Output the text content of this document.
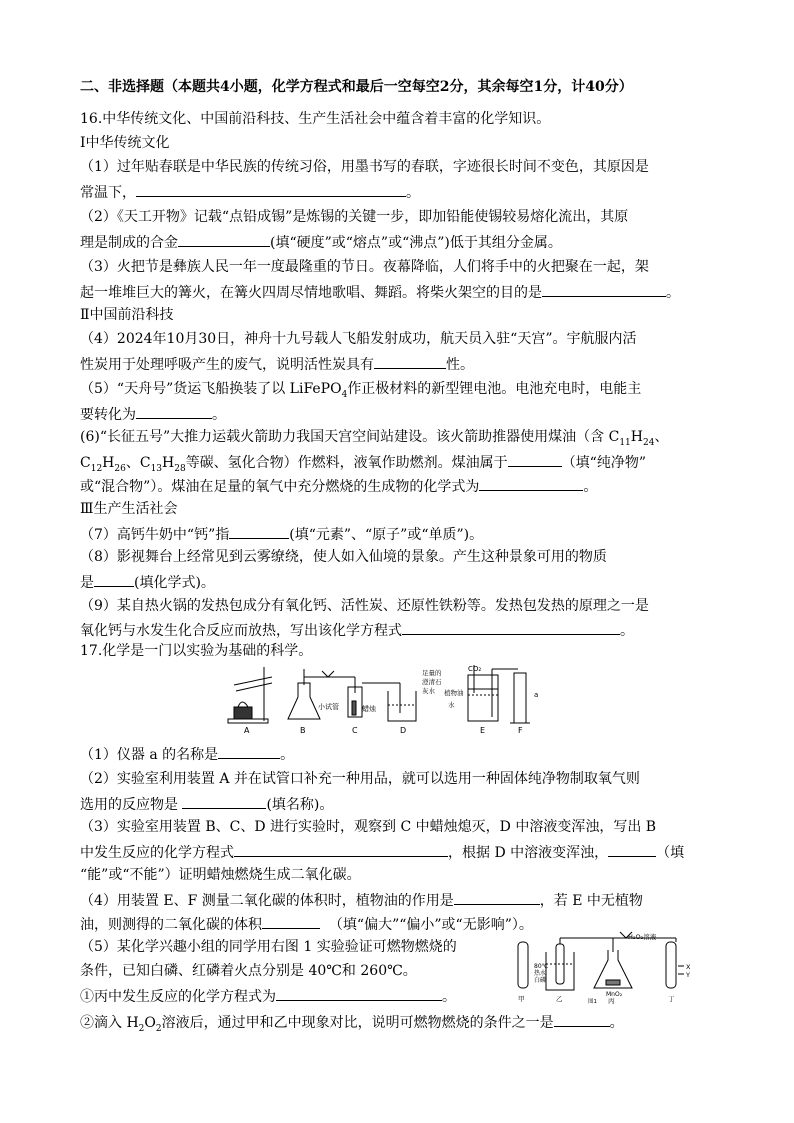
二、非选择题（本题共4小题，化学方程式和最后一空每空2分，其余每空1分，计40分）
16.中华传统文化、中国前沿科技、生产生活社会中蕴含着丰富的化学知识。
Ⅰ中华传统文化
（1）过年贴春联是中华民族的传统习俗，用墨书写的春联，字迹很长时间不变色，其原因是
常温下，	。
（2）《天工开物》记载“点铅成锡”是炼锡的关键一步，即加铅能使锡较易熔化流出，其原
理是制成的合金	(填“硬度”或“熔点”或“沸点”)低于其组分金属。
（3）火把节是彝族人民一年一度最隆重的节日。夜幕降临，人们将手中的火把聚在一起，架
起一堆堆巨大的篝火，在篝火四周尽情地歌唱、舞蹈。将柴火架空的目的是	。
Ⅱ中国前沿科技
（4）2024年10月30日，神舟十九号载人飞船发射成功，航天员入驻“天宫”。宇航服内活
性炭用于处理呼吸产生的废气，说明活性炭具有	性。
（5）“天舟号”货运飞船换装了以 LiFePO$_4$作正极材料的新型锂电池。电池充电时，电能主
要转化为	。
(6)“长征五号”大推力运载火箭助力我国天宫空间站建设。该火箭助推器使用煤油（含 $C_{11}H_{24}$、
$C_{12}H_{26}$、$C_{13}H_{28}$等碳、氢化合物）作燃料，液氧作助燃剂。煤油属于	（填“纯净物”
或“混合物”）。煤油在足量的氧气中充分燃烧的生成物的化学式为	。
Ⅲ生产生活社会
（7）高钙牛奶中“钙”指	(填“元素”、“原子”或“单质”)。
（8）影视舞台上经常见到云雾缭绕，使人如入仙境的景象。产生这种景象可用的物质
是	(填化学式)。
（9）某自热火锅的发热包成分有氧化钙、活性炭、还原性铁粉等。发热包发热的原理之一是
氧化钙与水发生化合反应而放热，写出该化学方程式	。
17.化学是一门以实验为基础的科学。

A	B	C	D	E	F
a
小试管	蜡烛
足量的
澄清石
灰水
CO₂
植物油
水
（1）仪器 a 的名称是	。
（2）实验室利用装置 A 并在试管口补充一种用品，就可以选用一种固体纯净物制取氧气则
选用的反应物是	(填名称)。
（3）实验室用装置 B、C、D 进行实验时，观察到 C 中蜡烛熄灭，D 中溶液变浑浊，写出 B
中发生反应的化学方程式	，根据 D 中溶液变浑浊，	（填
“能”或“不能”）证明蜡烛燃烧生成二氧化碳。
（4）用装置 E、F 测量二氧化碳的体积时，植物油的作用是	，若 E 中无植物
油，则测得的二氧化碳的体积	（填“偏大”“偏小”或“无影响”）。
（5）某化学兴趣小组的同学用右图 1 实验验证可燃物燃烧的
条件，已知白磷、红磷着火点分别是 40℃和 260℃。
①丙中发生反应的化学方程式为	。
②滴入 $H_2O_2$溶液后，通过甲和乙中现象对比，说明可燃物燃烧的条件之一是	。
H₂O₂溶液
80℃
热水
白磷
MnO₂
X
Y
甲	乙	丙	丁
图1
